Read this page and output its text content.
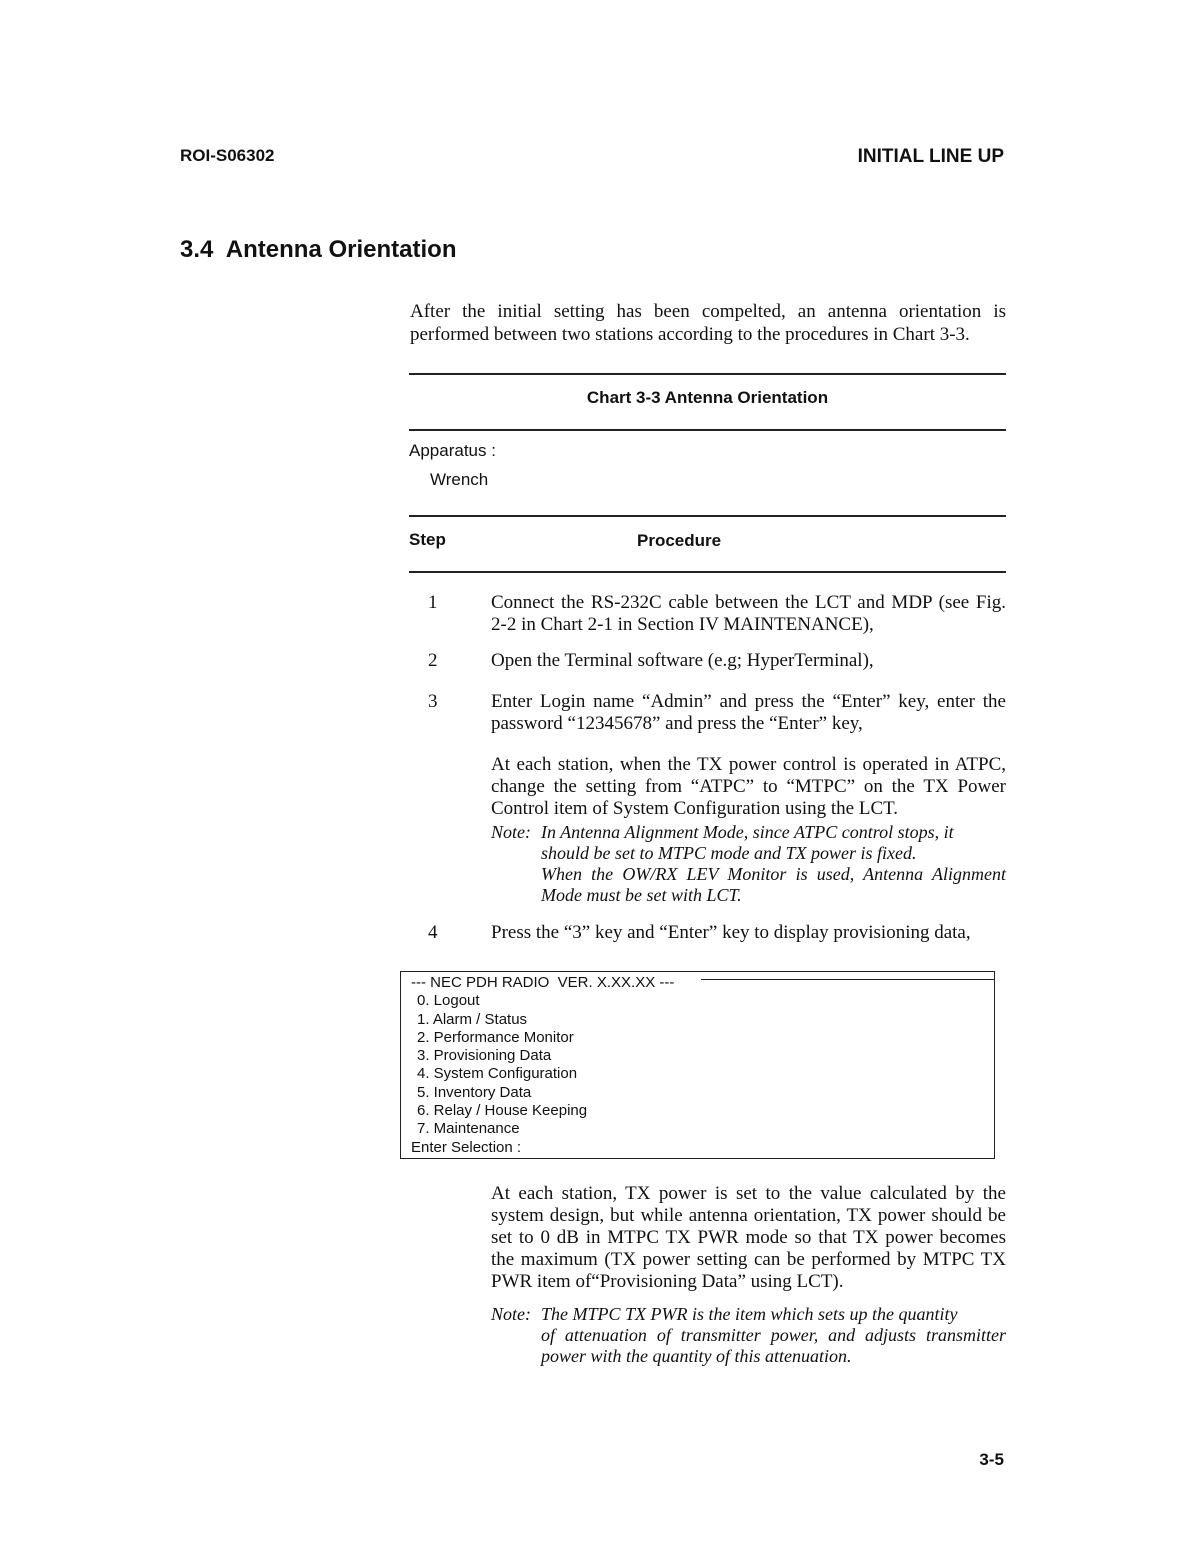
ROI-S06302	INITIAL LINE UP
3.4  Antenna Orientation
After the initial setting has been compelted, an antenna orientation is performed between two stations according to the procedures in Chart 3-3.
Chart 3-3 Antenna Orientation
Apparatus :
Wrench
Step	Procedure
1	Connect the RS-232C cable between the LCT and MDP (see Fig. 2-2 in Chart 2-1 in Section IV MAINTENANCE),
2	Open the Terminal software (e.g; HyperTerminal),
3	Enter Login name “Admin” and press the “Enter” key, enter the password “12345678” and press the “Enter” key,
At each station, when the TX power control is operated in ATPC, change the setting from “ATPC” to “MTPC” on the TX Power Control item of System Configuration using the LCT.
Note: In Antenna Alignment Mode, since ATPC control stops, it
should be set to MTPC mode and TX power is fixed.
When the OW/RX LEV Monitor is used, Antenna Alignment Mode must be set with LCT.
4	Press the “3” key and “Enter” key to display provisioning data,
--- NEC PDH RADIO  VER. X.XX.XX ---
0. Logout
1. Alarm / Status
2. Performance Monitor
3. Provisioning Data
4. System Configuration
5. Inventory Data
6. Relay / House Keeping
7. Maintenance
Enter Selection :
At each station, TX power is set to the value calculated by the system design, but while antenna orientation, TX power should be set to 0 dB in MTPC TX PWR mode so that TX power becomes the maximum (TX power setting can be performed by MTPC TX PWR item of“Provisioning Data” using LCT).
Note: The MTPC TX PWR is the item which sets up the quantity
of attenuation of transmitter power, and adjusts transmitter power with the quantity of this attenuation.
3-5
